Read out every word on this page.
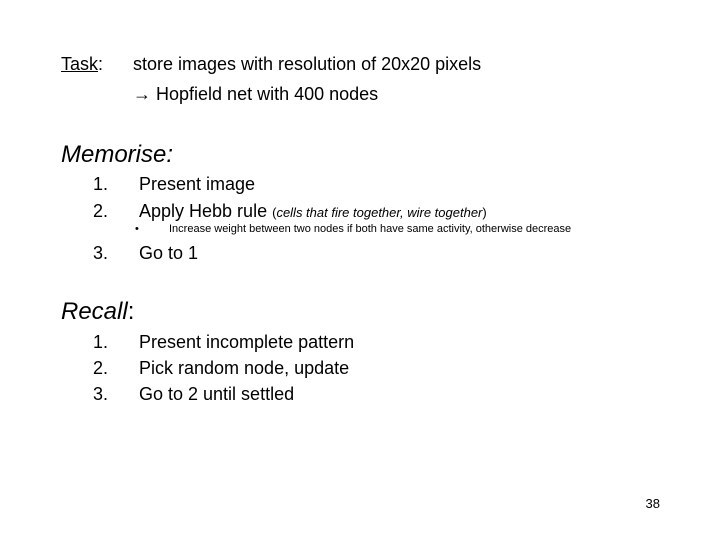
Task: store images with resolution of 20x20 pixels
→ Hopfield net with 400 nodes
Memorise:
1. Present image
2. Apply Hebb rule (cells that fire together, wire together)
•	Increase weight between two nodes if both have same activity, otherwise decrease
3. Go to 1
Recall:
1. Present incomplete pattern
2. Pick random node, update
3. Go to 2 until settled
38
